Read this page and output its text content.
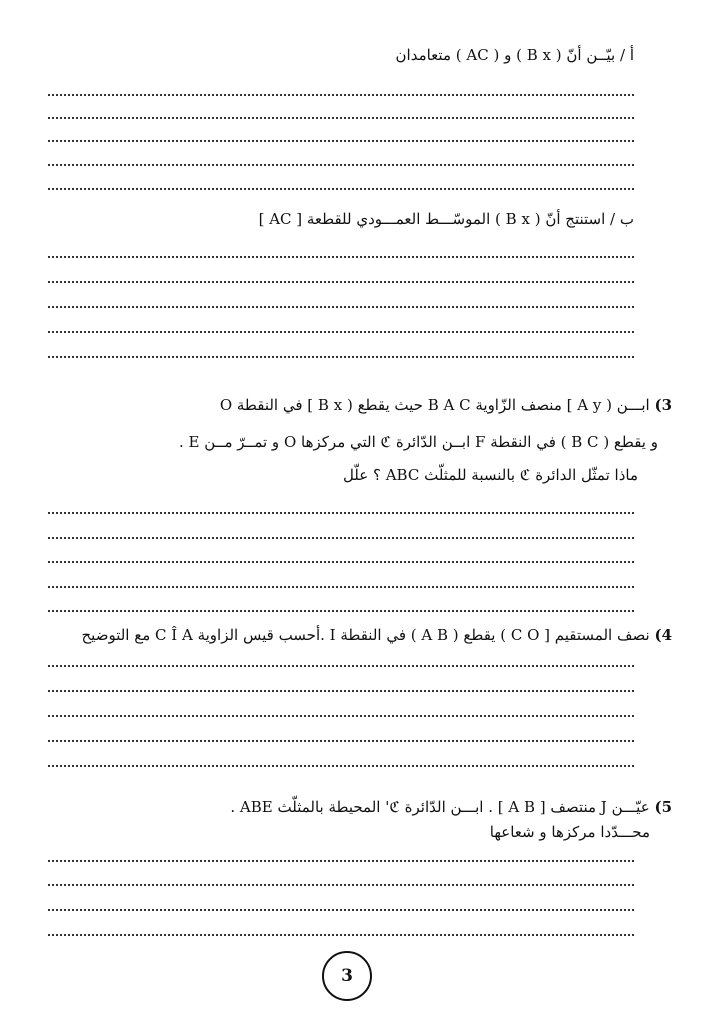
أ / بيّــن أنّ ( B x ) و ( AC ) متعامدان
ب / استنتج أنّ ( B x ) الموسّـــط العمـــودي للقطعة [ AC ]
3) ابـــن ( A y ] منصف الزّاوية B A C حيث يقطع ( B x ] في النقطة O
و يقطع ( B C ) في النقطة F ابــن الدّائرة ℭ التي مركزها O و تمــرّ مــن E .
ماذا تمثّل الدائرة ℭ بالنسبة للمثلّث ABC ؟ علّل
4) نصف المستقيم [ C O ) يقطع ( A B ) في النقطة I .أحسب قيس الزاوية C Î A مع التوضيح
5) عيّـــن J منتصف [ A B ] . ابـــن الدّائرة ℭ' المحيطة بالمثلّث ABE .
محـــدّدا مركزها و شعاعها
3
